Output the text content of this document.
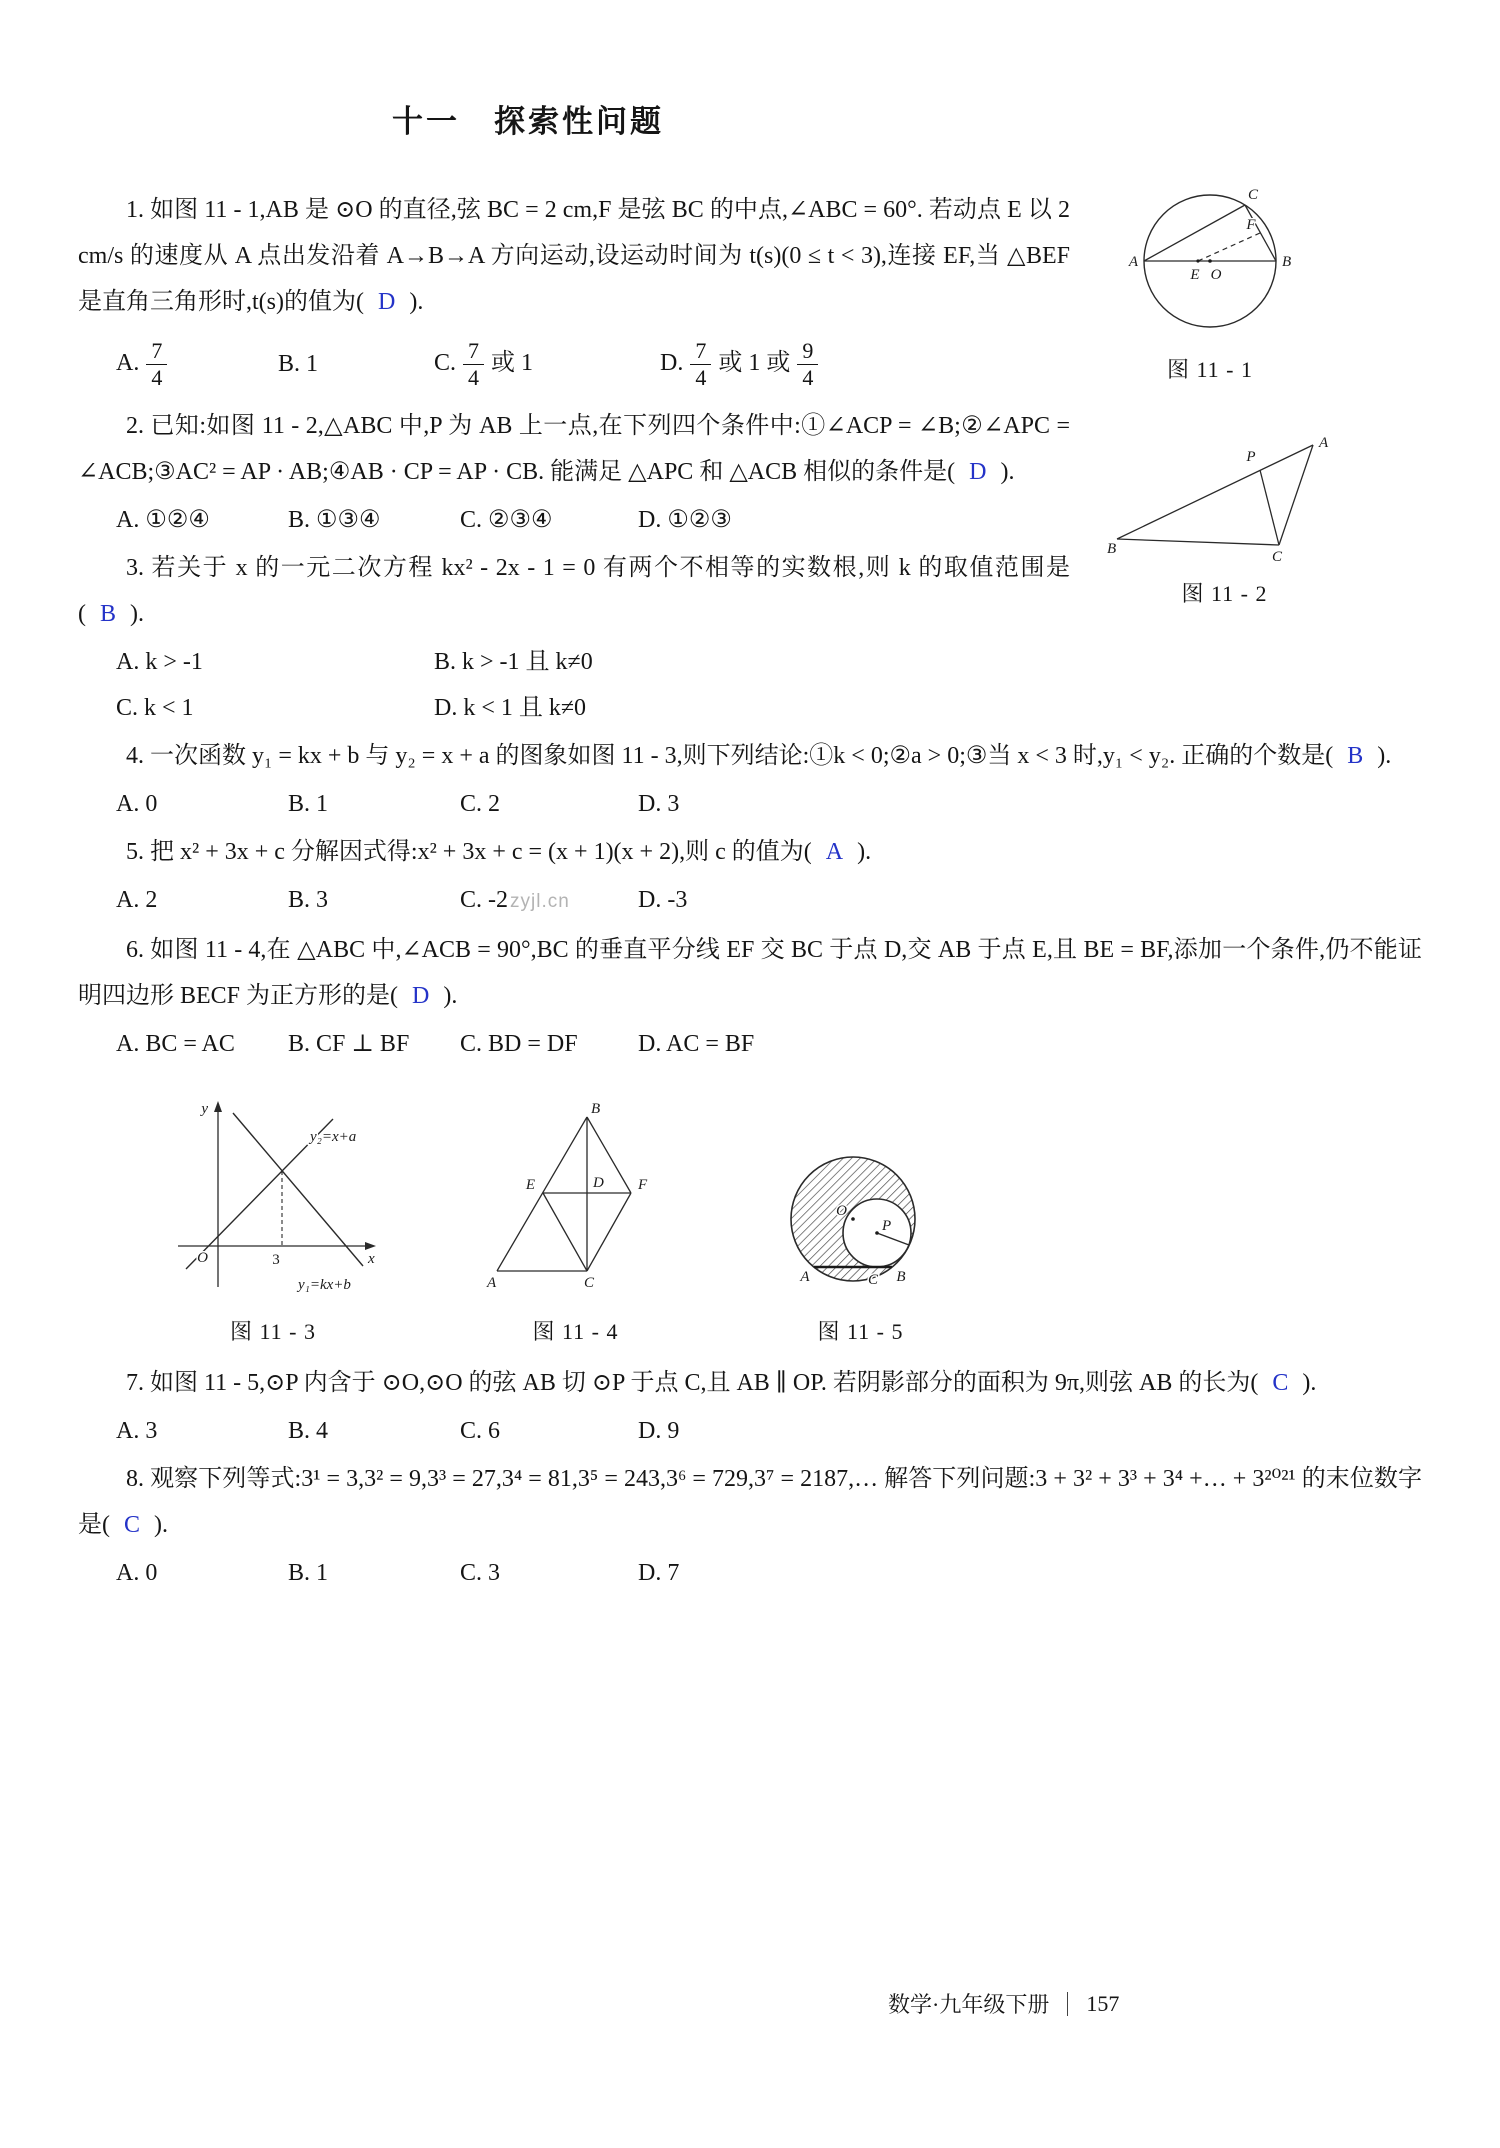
十一　探索性问题
A	B
C
F
E O
图 11 - 1
A
P
B	C
图 11 - 2

1. 如图 11 - 1,AB 是 ⊙O 的直径,弦 BC = 2 cm,F 是弦 BC 的中点,∠ABC = 60°. 若动点 E 以 2 cm/s 的速度从 A 点出发沿着 A→B→A 方向运动,设运动时间为 t(s)(0 ≤ t < 3),连接 EF,当 △BEF 是直角三角形时,t(s)的值为( D ).

A. $\frac{7}{4}$	B. 1	C. $\frac{7}{4}$ 或 1	D. $\frac{7}{4}$ 或 1 或 $\frac{9}{4}$

2. 已知:如图 11 - 2,△ABC 中,P 为 AB 上一点,在下列四个条件中:①∠ACP = ∠B;②∠APC = ∠ACB;③AC² = AP · AB;④AB · CP = AP · CB. 能满足 △APC 和 △ACB 相似的条件是( D ).

A. ①②④	B. ①③④	C. ②③④	D. ①②③

3. 若关于 x 的一元二次方程 kx² - 2x - 1 = 0 有两个不相等的实数根,则 k 的取值范围是( B ).

A. k > -1	B. k > -1 且 k≠0
C. k < 1	D. k < 1 且 k≠0

4. 一次函数 y₁ = kx + b 与 y₂ = x + a 的图象如图 11 - 3,则下列结论:①k < 0;②a > 0;③当 x < 3 时,y₁ < y₂. 正确的个数是( B ).

A. 0	B. 1	C. 2	D. 3

5. 把 x² + 3x + c 分解因式得:x² + 3x + c = (x + 1)(x + 2),则 c 的值为( A ).

A. 2	B. 3	C. -2 zyjl.cn	D. -3

6. 如图 11 - 4,在 △ABC 中,∠ACB = 90°,BC 的垂直平分线 EF 交 BC 于点 D,交 AB 于点 E,且 BE = BF,添加一个条件,仍不能证明四边形 BECF 为正方形的是( D ).

A. BC = AC	B. CF ⊥ BF	C. BD = DF	D. AC = BF
y
x
O	3
y₂=x+a
y₁=kx+b
图 11 - 3
B
E	F
D
C
A
图 11 - 4
O
P
A	B
C
图 11 - 5

7. 如图 11 - 5,⊙P 内含于 ⊙O,⊙O 的弦 AB 切 ⊙P 于点 C,且 AB ∥ OP. 若阴影部分的面积为 9π,则弦 AB 的长为( C ).

A. 3	B. 4	C. 6	D. 9

8. 观察下列等式:3¹ = 3,3² = 9,3³ = 27,3⁴ = 81,3⁵ = 243,3⁶ = 729,3⁷ = 2187,… 解答下列问题:3 + 3² + 3³ + 3⁴ +… + 3²⁰²¹ 的末位数字是( C ).

A. 0	B. 1	C. 3	D. 7
数学·九年级下册 157
